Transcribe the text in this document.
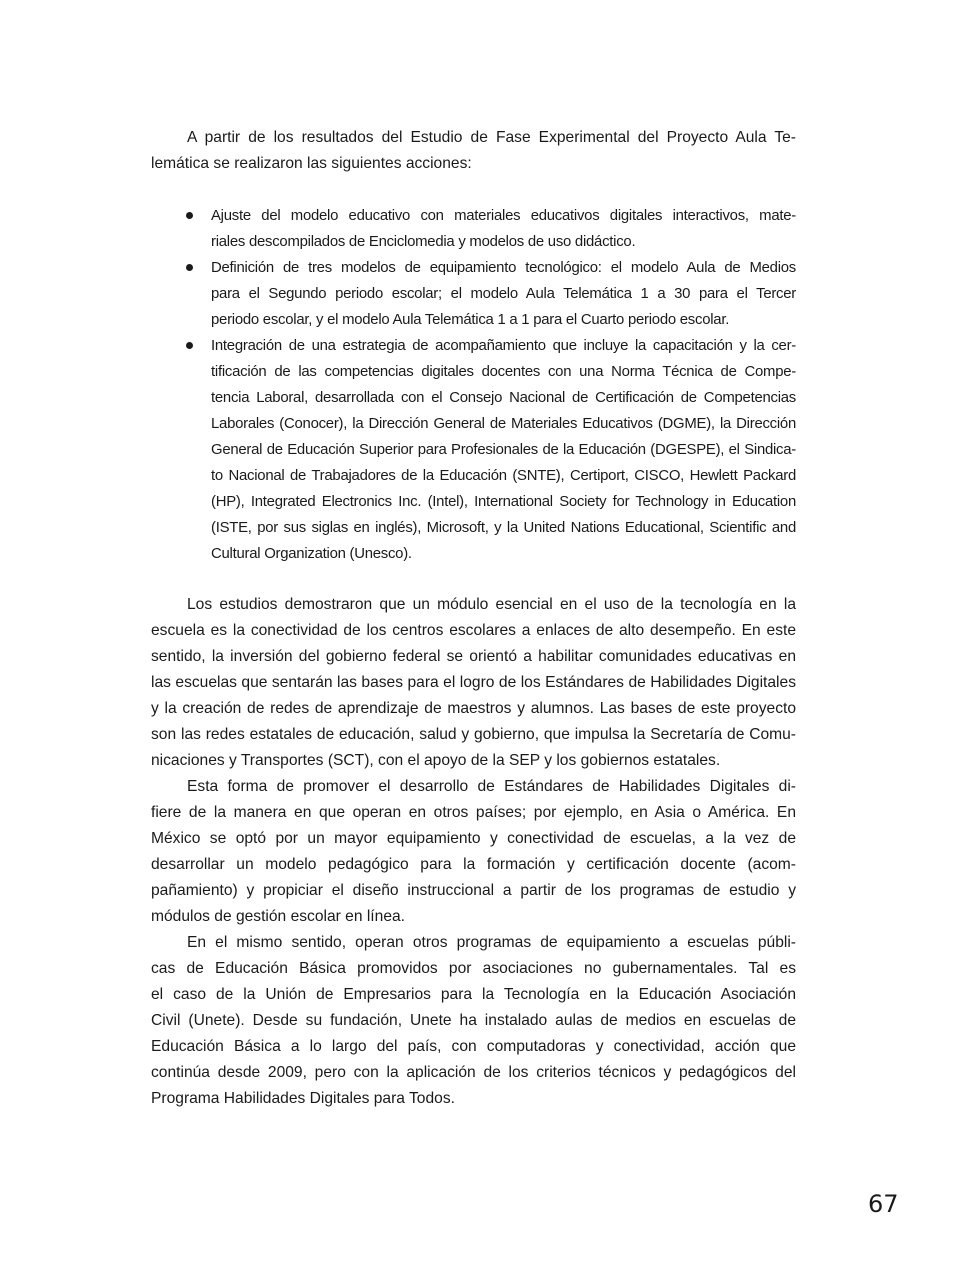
A partir de los resultados del Estudio de Fase Experimental del Proyecto Aula Te-
lemática se realizaron las siguientes acciones:
Ajuste del modelo educativo con materiales educativos digitales interactivos, mate-
riales descompilados de Enciclomedia y modelos de uso didáctico.
Definición de tres modelos de equipamiento tecnológico: el modelo Aula de Medios
para el Segundo periodo escolar; el modelo Aula Telemática 1 a 30 para el Tercer
periodo escolar, y el modelo Aula Telemática 1 a 1 para el Cuarto periodo escolar.
Integración de una estrategia de acompañamiento que incluye la capacitación y la cer-
tificación de las competencias digitales docentes con una Norma Técnica de Compe-
tencia Laboral, desarrollada con el Consejo Nacional de Certificación de Competencias
Laborales (Conocer), la Dirección General de Materiales Educativos (DGME), la Dirección
General de Educación Superior para Profesionales de la Educación (DGESPE), el Sindica-
to Nacional de Trabajadores de la Educación (SNTE), Certiport, CISCO, Hewlett Packard
(HP), Integrated Electronics Inc. (Intel), International Society for Technology in Education
(ISTE, por sus siglas en inglés), Microsoft, y la United Nations Educational, Scientific and
Cultural Organization (Unesco).
Los estudios demostraron que un módulo esencial en el uso de la tecnología en la
escuela es la conectividad de los centros escolares a enlaces de alto desempeño. En este
sentido, la inversión del gobierno federal se orientó a habilitar comunidades educativas en
las escuelas que sentarán las bases para el logro de los Estándares de Habilidades Digitales
y la creación de redes de aprendizaje de maestros y alumnos. Las bases de este proyecto
son las redes estatales de educación, salud y gobierno, que impulsa la Secretaría de Comu-
nicaciones y Transportes (SCT), con el apoyo de la SEP y los gobiernos estatales.
Esta forma de promover el desarrollo de Estándares de Habilidades Digitales di-
fiere de la manera en que operan en otros países; por ejemplo, en Asia o América. En
México se optó por un mayor equipamiento y conectividad de escuelas, a la vez de
desarrollar un modelo pedagógico para la formación y certificación docente (acom-
pañamiento) y propiciar el diseño instruccional a partir de los programas de estudio y
módulos de gestión escolar en línea.
En el mismo sentido, operan otros programas de equipamiento a escuelas públi-
cas de Educación Básica promovidos por asociaciones no gubernamentales. Tal es
el caso de la Unión de Empresarios para la Tecnología en la Educación Asociación
Civil (Unete). Desde su fundación, Unete ha instalado aulas de medios en escuelas de
Educación Básica a lo largo del país, con computadoras y conectividad, acción que
continúa desde 2009, pero con la aplicación de los criterios técnicos y pedagógicos del
Programa Habilidades Digitales para Todos.
67
